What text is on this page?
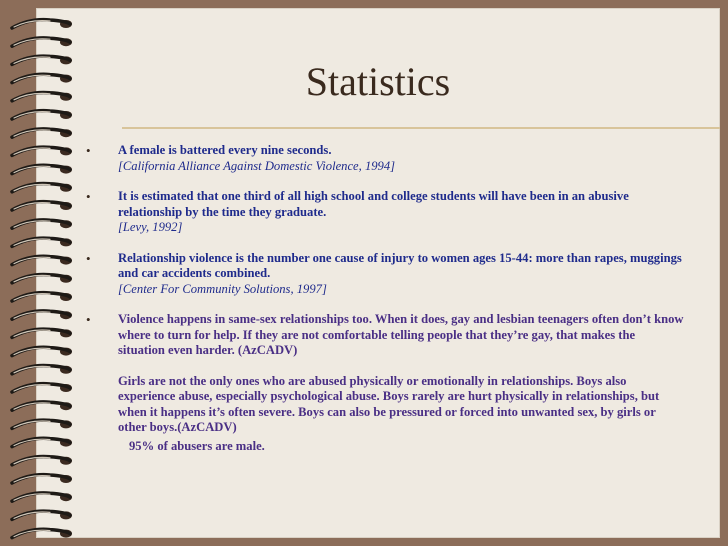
Statistics
• A female is battered every nine seconds.
[California Alliance Against Domestic Violence, 1994]
• It is estimated that one third of all high school and college students will have been in an abusive relationship by the time they graduate.
[Levy, 1992]
• Relationship violence is the number one cause of injury to women ages 15-44: more than rapes, muggings and car accidents combined.
[Center For Community Solutions, 1997]
• Violence happens in same-sex relationships too. When it does, gay and lesbian teenagers often don’t know where to turn for help. If they are not comfortable telling people that they’re gay, that makes the situation even harder. (AzCADV)
Girls are not the only ones who are abused physically or emotionally in relationships. Boys also experience abuse, especially psychological abuse. Boys rarely are hurt physically in relationships, but when it happens it’s often severe. Boys can also be pressured or forced into unwanted sex, by girls or other boys.(AzCADV)
95% of abusers are male.
